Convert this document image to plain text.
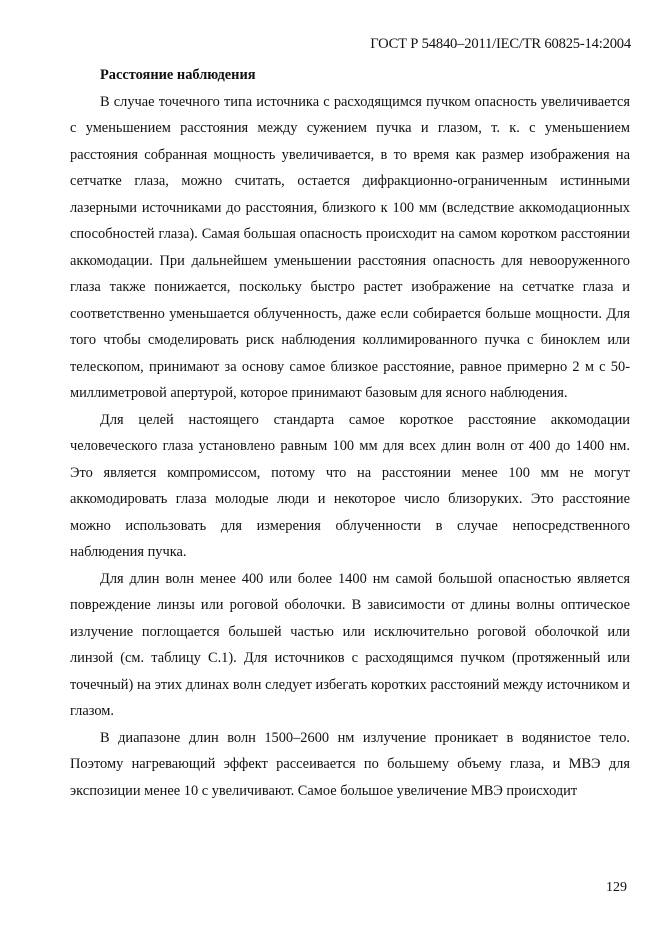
ГОСТ Р 54840–2011/IEC/TR 60825-14:2004

Расстояние наблюдения

В случае точечного типа источника с расходящимся пучком опасность увеличивается с уменьшением расстояния между сужением пучка и глазом, т. к. с уменьшением расстояния собранная мощность увеличивается, в то время как размер изображения на сетчатке глаза, можно считать, остается дифракционно-ограниченным истинными лазерными источниками до расстояния, близкого к 100 мм (вследствие аккомодационных способностей глаза). Самая большая опасность происходит на самом коротком расстоянии аккомодации. При дальнейшем уменьшении расстояния опасность для невооруженного глаза также понижается, поскольку быстро растет изображение на сетчатке глаза и соответственно уменьшается облученность, даже если собирается больше мощности. Для того чтобы смоделировать риск наблюдения коллимированного пучка с биноклем или телескопом, принимают за основу самое близкое расстояние, равное примерно 2 м с 50-миллиметровой апертурой, которое принимают базовым для ясного наблюдения.

Для целей настоящего стандарта самое короткое расстояние аккомодации человеческого глаза установлено равным 100 мм для всех длин волн от 400 до 1400 нм. Это является компромиссом, потому что на расстоянии менее 100 мм не могут аккомодировать глаза молодые люди и некоторое число близоруких. Это расстояние можно использовать для измерения облученности в случае непосредственного наблюдения пучка.

Для длин волн менее 400 или более 1400 нм самой большой опасностью является повреждение линзы или роговой оболочки. В зависимости от длины волны оптическое излучение поглощается большей частью или исключительно роговой оболочкой или линзой (см. таблицу С.1). Для источников с расходящимся пучком (протяженный или точечный) на этих длинах волн следует избегать коротких расстояний между источником и глазом.

В диапазоне длин волн 1500–2600 нм излучение проникает в водянистое тело. Поэтому нагревающий эффект рассеивается по большему объему глаза, и МВЭ для экспозиции менее 10 с увеличивают. Самое большое увеличение МВЭ происходит

129
